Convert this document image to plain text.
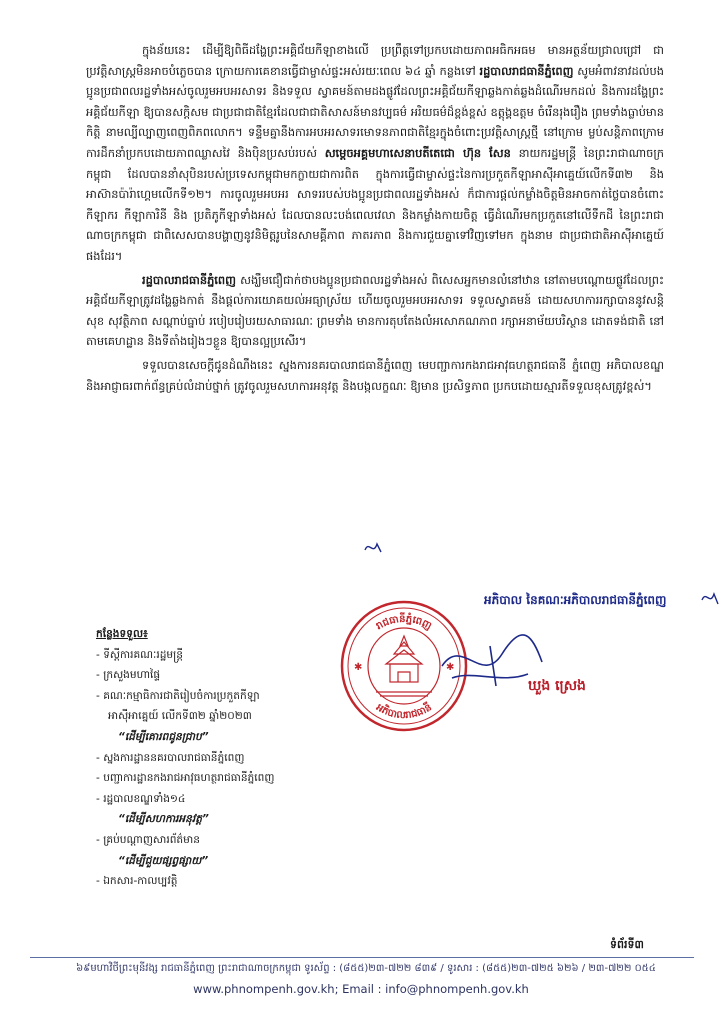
ក្នុងន័យនេះ ដើម្បីឱ្យពិធីដង្ហែព្រះអគ្គិជ័យកីឡាខាងលើ ប្រព្រឹត្តទៅប្រកបដោយភាពអធិកអធម មានអត្ថន័យជ្រាលជ្រៅ ជាប្រវត្តិសាស្ត្រមិនអាចបំភ្លេចបាន ក្រោយការគេខានធ្វើជាម្ចាស់ផ្ទះអស់រយៈពេល ៦៤ ឆ្នាំ កន្លងទៅ រដ្ឋបាលរាជធានីភ្នំពេញ សូមអំពាវនាវដល់បងប្អូនប្រជាពលរដ្ឋទាំងអស់ចូលរួមអបអរសាទរ និងទទួល ស្វាគមន៍តាមដងផ្លូវដែលព្រះអគ្គិជ័យកីឡាឆ្លងកាត់ឆ្លងដំណើរមកដល់ និងការដង្ហែព្រះអគ្គិជ័យកីឡា ឱ្យបានសក្ដិសម ជាប្រជាជាតិខ្មែរដែលជាជាតិសាសន៍មានវប្បធម៌ អរិយធម៌ដ៏ខ្ពង់ខ្ពស់ ឧត្តុង្គឧត្តម ចំរើនរុងរឿង ព្រមទាំងធ្លាប់មានកិត្តិ នាមល្បីល្បាញពេញពិភពលោក។ ទន្ទឹមគ្នានឹងការអបអរសាទរមោទនភាពជាតិខ្មែរក្នុងចំពោះប្រវត្តិសាស្ត្រថ្មី នៅក្រោម ម្លប់សន្តិភាពក្រោមការដឹកនាំប្រកបដោយភាពឈ្លាសវៃ និងប៉ិនប្រសប់របស់ សម្ដេចអគ្គមហាសេនាបតីតេជោ ហ៊ុន សែន នាយករដ្ឋមន្ត្រី នៃព្រះរាជាណាចក្រកម្ពុជា ដែលបាននាំសុបិនរបស់ប្រទេសកម្ពុជាមកក្លាយជាការពិត ក្នុងការធ្វើជាម្ចាស់ផ្ទះនៃការប្រកួតកីឡាអាស៊ីអាគ្នេយ៍លើកទី៣២ និងអាស៊ានប៉ារ៉ាហ្គេមលើកទី១២។ ការចូលរួមអបអរ សាទររបស់បងប្អូនប្រជាពលរដ្ឋទាំងអស់ ក៏ជាការផ្ដល់កម្លាំងចិត្តមិនអាចកាត់ថ្លៃបានចំពោះកីឡាករ កីឡាការិនី និង ប្រតិភូកីឡាទាំងអស់ ដែលបានលះបង់ពេលវេលា និងកម្លាំងកាយចិត្ត ធ្វើដំណើរមកប្រកួតនៅលើទឹកដី នៃព្រះរាជា ណាចក្រកម្ពុជា ជាពិសេសបានបង្ហាញនូវនិមិត្តរូបនៃសាមគ្គីភាព ភាតរភាព និងការជួយគ្នាទៅវិញទៅមក ក្នុងនាម ជាប្រជាជាតិអាស៊ីអាគ្នេយ៍ផងដែរ។

រដ្ឋបាលរាជធានីភ្នំពេញ សង្ឃឹមជឿជាក់ថាបងប្អូនប្រជាពលរដ្ឋទាំងអស់ ពិសេសអ្នកមានលំនៅឋាន នៅតាមបណ្ដោយផ្លូវដែលព្រះអគ្គិជ័យកីឡាត្រូវដង្ហែឆ្លងកាត់ នឹងផ្ដល់ការយោគយល់អធ្យាស្រ័យ ហើយចូលរួមអបអរសាទរ ទទួលស្វាគមន៍ ដោយសហការរក្សាបាននូវសន្តិសុខ សុវត្ថិភាព សណ្ដាប់ធ្នាប់ របៀបរៀបរយសាធារណៈ ព្រមទាំង មានការតុបតែងលំអសោភណភាព រក្សាអនាម័យបរិស្ថាន ដោតទង់ជាតិ នៅតាមគេហដ្ឋាន និងទីតាំងរៀងៗខ្លួន ឱ្យបានល្អប្រសើរ។

ទទួលបានសេចក្ដីជូនដំណឹងនេះ ស្នងការនគរបាលរាជធានីភ្នំពេញ មេបញ្ជាការកងរាជអាវុធហត្ថរាជធានី ភ្នំពេញ អភិបាលខណ្ឌ និងអាជ្ញាធរពាក់ព័ន្ធគ្រប់លំដាប់ថ្នាក់ ត្រូវចូលរួមសហការអនុវត្ត និងបង្កលក្ខណៈ ឱ្យមាន ប្រសិទ្ធភាព ប្រកបដោយស្មារតីទទួលខុសត្រូវខ្ពស់។

អភិបាល នៃគណៈអភិបាលរាជធានីភ្នំពេញ
រាជធានីភ្នំពេញ
អភិបាលរាជធានី
✱	✱
ឃួង ស្រេង
កន្លែងទទួល៖
- ទីស្ដីការគណៈរដ្ឋមន្ត្រី
- ក្រសួងមហាផ្ទៃ
- គណៈកម្មាធិការជាតិរៀបចំការប្រកួតកីឡា
អាស៊ីអាគ្នេយ៍ លើកទី៣២ ឆ្នាំ២០២៣
“ដើម្បីគោរពជូនជ្រាប”
- ស្នងការដ្ឋាននគរបាលរាជធានីភ្នំពេញ
- បញ្ជាការដ្ឋានកងរាជអាវុធហត្ថរាជធានីភ្នំពេញ
- រដ្ឋបាលខណ្ឌទាំង១៤
“ដើម្បីសហការអនុវត្ត”
- គ្រប់បណ្ដាញសារព័ត៌មាន
“ដើម្បីជួយផ្សព្វផ្សាយ”
- ឯកសារ-កាលប្បវត្តិ
ទំព័រទី៣
៦៩មហាវិថីព្រះមុនីវង្ស រាជធានីភ្នំពេញ ព្រះរាជាណាចក្រកម្ពុជា ទូរស័ព្ទ : (៨៥៥)២៣-៧២២ ៨៣៩ / ទូរសារ : (៨៥៥)២៣-៧២៥ ៦២៦ / ២៣-៧២២ ០៥៤
www.phnompenh.gov.kh; Email : info@phnompenh.gov.kh
